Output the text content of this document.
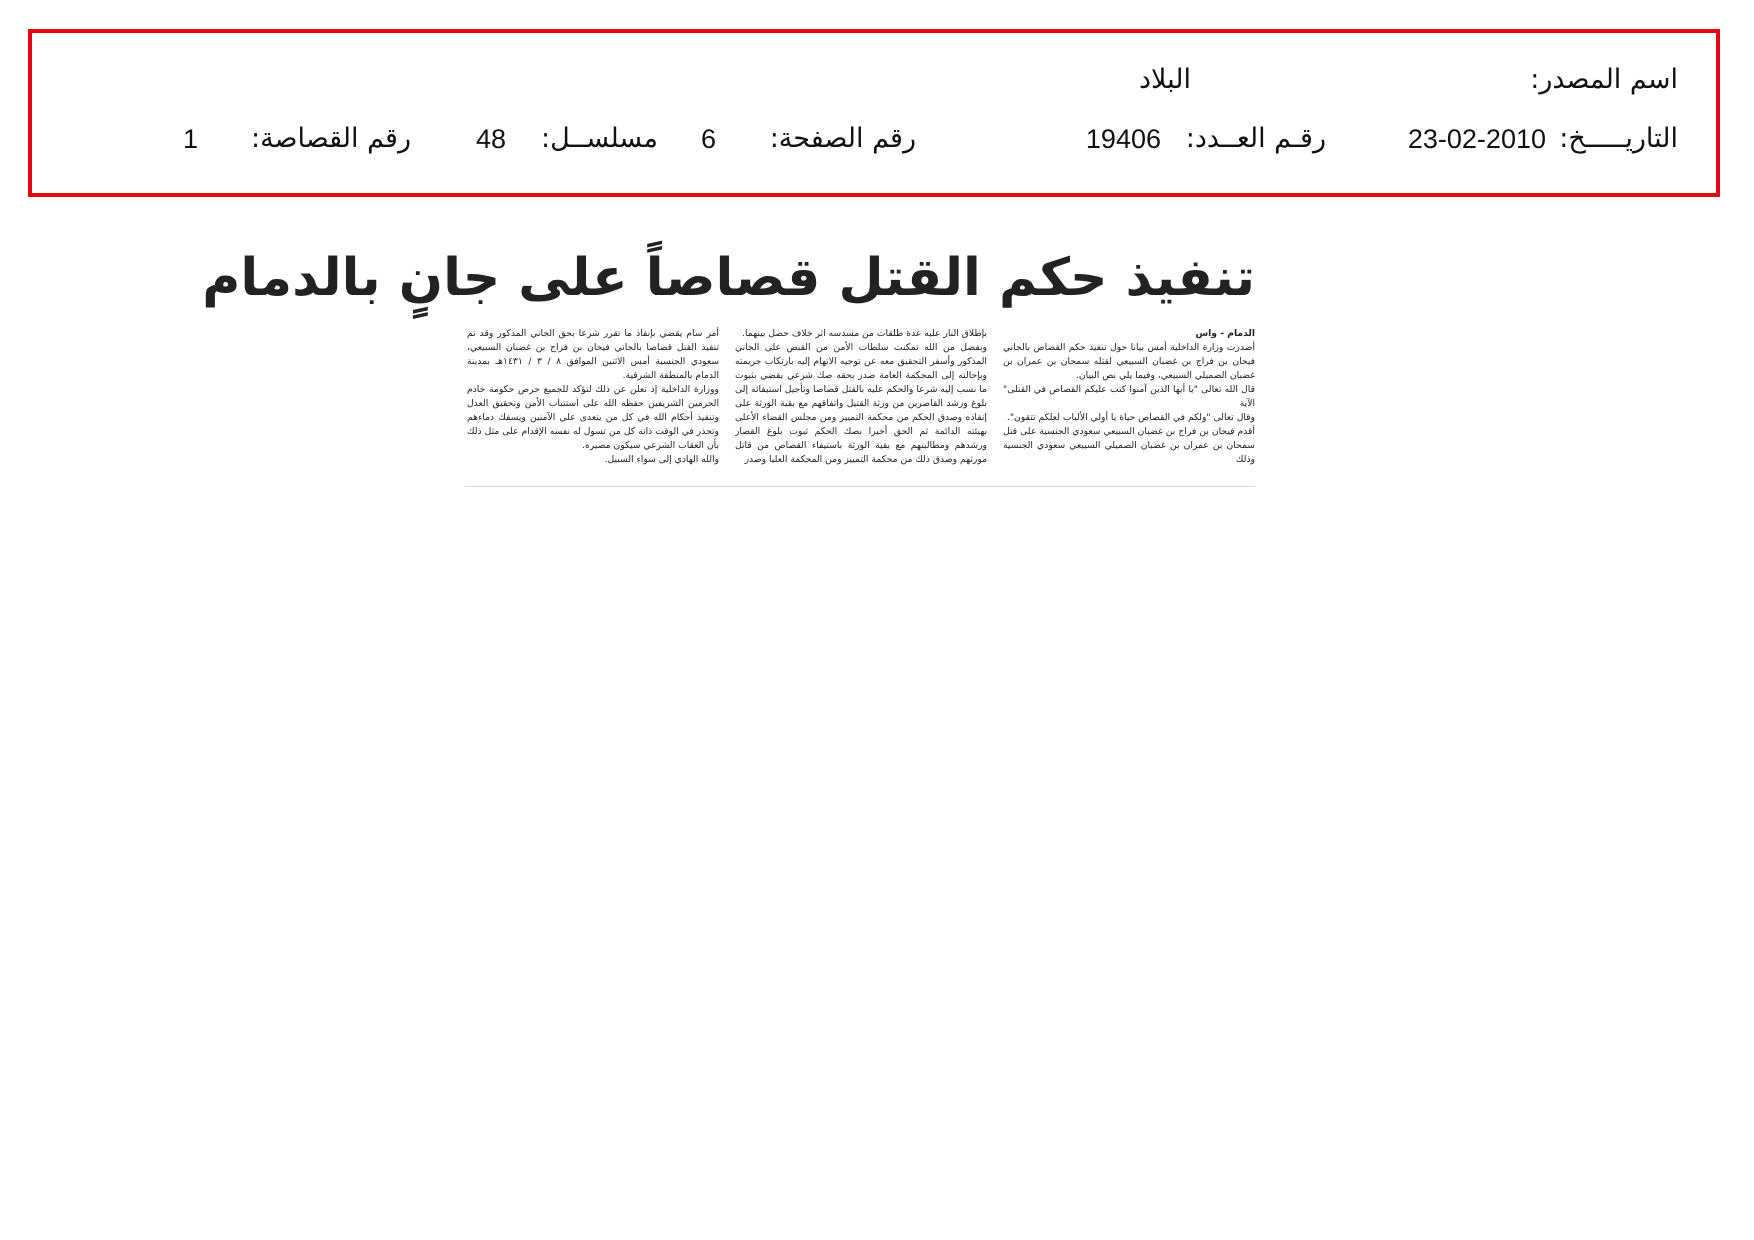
اسم المصدر:
البلاد
التاريـــــخ:
23-02-2010
رقـم العــدد:
19406
رقم الصفحة:
6
مسلســل:
48
رقم القصاصة:
1
تنفيذ حكم القتل قصاصاً على جانٍ بالدمام

الدمام - واس

أصدرت وزارة الداخلية أمس بيانا حول تنفيذ حكم القصاص بالجاني فيحان بن فراج بن غضبان السبيعي لقتله سمحان بن عمران بن غضبان الصميلي السبيعي، وفيما يلي نص البيان.

قال الله تعالى "يا أيها الذين آمنوا كتب عليكم القصاص في القتلى" الآية

وقال تعالى "ولكم في القصاص حياة يا أولي الألباب لعلكم تتقون".

أقدم فيحان بن فراج بن غضبان السبيعي سعودي الجنسية على قتل سمحان بن عمران بن غضبان الصميلي السبيعي سعودي الجنسية وذلك

بإطلاق النار عليه عدة طلقات من مسدسه اثر خلاف حصل بينهما.

وبفضل من الله تمكنت سلطات الأمن من القبض على الجاني المذكور وأسفر التحقيق معه عن توجيه الاتهام إليه بارتكاب جريمته وبإحالته إلى المحكمة العامة صدر بحقه صك شرعي يقضي بثبوت ما نسب إليه شرعا والحكم عليه بالقتل قصاصا وتأجيل استيفائه إلى بلوغ ورشد القاصرين من ورثة القتيل واتفاقهم مع بقية الورثة على إنفاذه وصدق الحكم من محكمة التمييز ومن مجلس القضاء الأعلى بهيئته الدائمة ثم الحق أخيرا بصك الحكم ثبوت بلوغ القصار ورشدهم ومطالبتهم مع بقية الورثة باستيفاء القصاص من قاتل مورثهم وصدق ذلك من محكمة التمييز ومن المحكمة العليا وصدر

أمر سام يقضي بإنفاذ ما تقرر شرعا بحق الجاني المذكور وقد تم تنفيذ القتل قصاصا بالجاني فيحان بن فراج بن غضبان السبيعي، سعودي الجنسية أمس الاثنين الموافق ٨ / ٣ / ١٤٣١هـ بمدينة الدمام بالمنطقة الشرقية.

ووزارة الداخلية إذ تعلن عن ذلك لتؤكد للجميع حرص حكومة خادم الحرمين الشريفين حفظه الله على استتباب الأمن وتحقيق العدل وتنفيذ أحكام الله في كل من يتعدى على الآمنين ويسفك دماءهم وتحذر في الوقت ذاته كل من تسول له نفسه الإقدام على مثل ذلك بأن العقاب الشرعي سيكون مصيره.

والله الهادي إلى سواء السبيل.
